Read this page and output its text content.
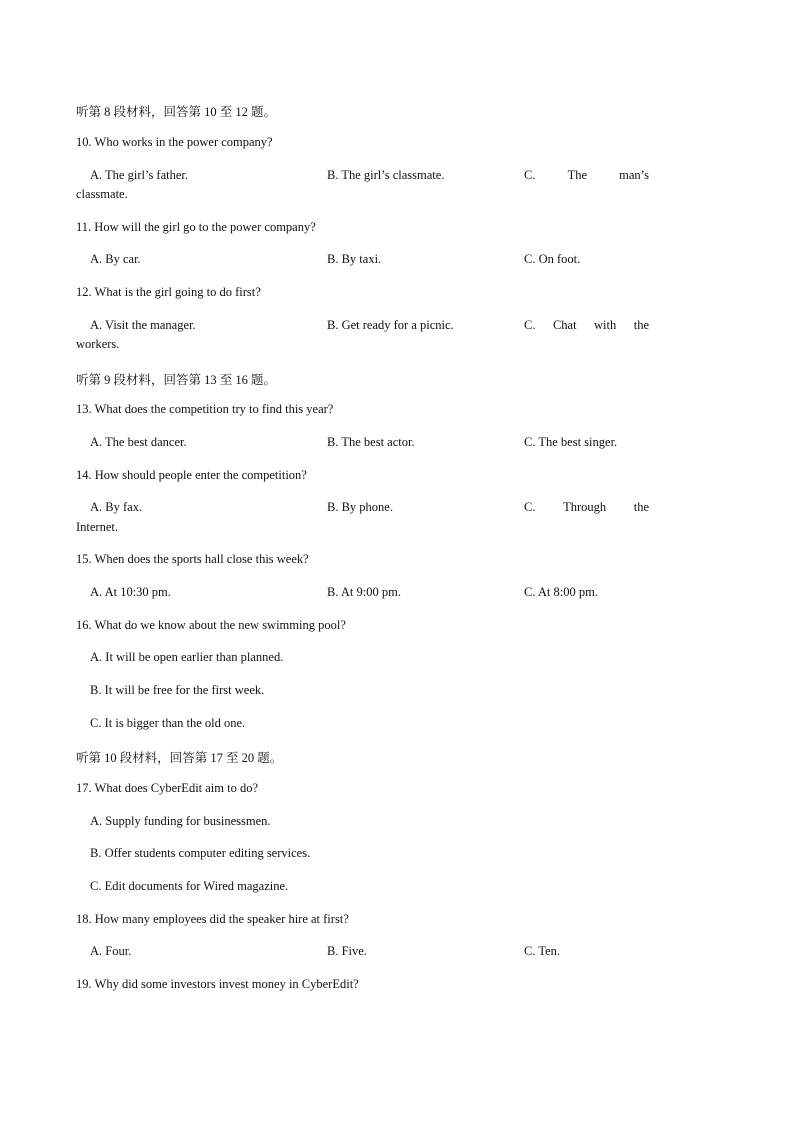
听第 8 段材料，回答第 10 至 12 题。
10. Who works in the power company?
A. The girl’s father.	B. The girl’s classmate.	C.	The	man’s
classmate.
11. How will the girl go to the power company?
A. By car.	B. By taxi.	C. On foot.
12. What is the girl going to do first?
A. Visit the manager.	B. Get ready for a picnic.	C. Chat with the
workers.
听第 9 段材料，回答第 13 至 16 题。
13. What does the competition try to find this year?
A. The best dancer.	B. The best actor.	C. The best singer.
14. How should people enter the competition?
A. By fax.	B. By phone.	C. Through the
Internet.
15. When does the sports hall close this week?
A. At 10:30 pm.	B. At 9:00 pm.	C. At 8:00 pm.
16. What do we know about the new swimming pool?
A. It will be open earlier than planned.
B. It will be free for the first week.
C. It is bigger than the old one.
听第 10 段材料，回答第 17 至 20 题。
17. What does CyberEdit aim to do?
A. Supply funding for businessmen.
B. Offer students computer editing services.
C. Edit documents for Wired magazine.
18. How many employees did the speaker hire at first?
A. Four.	B. Five.	C. Ten.
19. Why did some investors invest money in CyberEdit?
